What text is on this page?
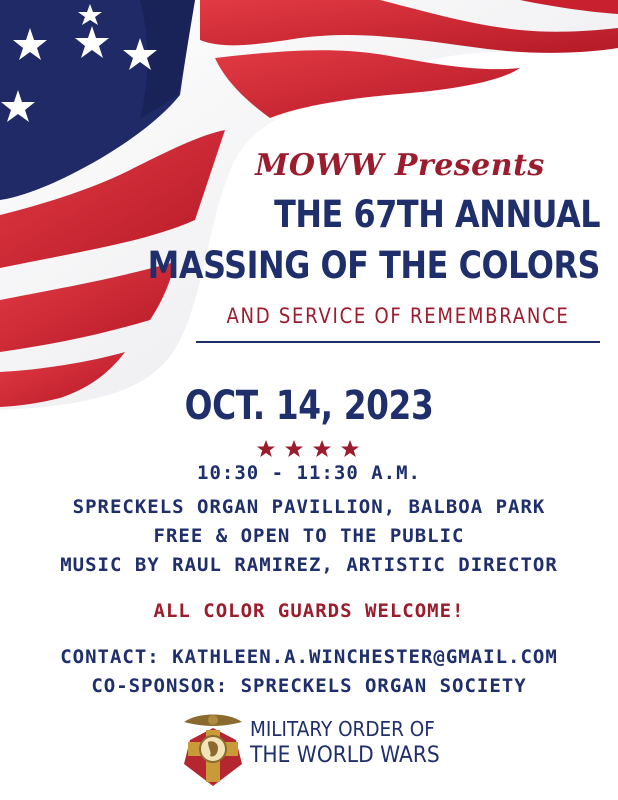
MOWW Presents
THE 67TH ANNUAL
MASSING OF THE COLORS
AND SERVICE OF REMEMBRANCE
OCT. 14, 2023
10:30 - 11:30 A.M.
SPRECKELS ORGAN PAVILLION, BALBOA PARK
FREE & OPEN TO THE PUBLIC
MUSIC BY RAUL RAMIREZ, ARTISTIC DIRECTOR
ALL COLOR GUARDS WELCOME!
CONTACT: KATHLEEN.A.WINCHESTER@GMAIL.COM
CO-SPONSOR: SPRECKELS ORGAN SOCIETY
MILITARY ORDER OF
THE WORLD WARS
